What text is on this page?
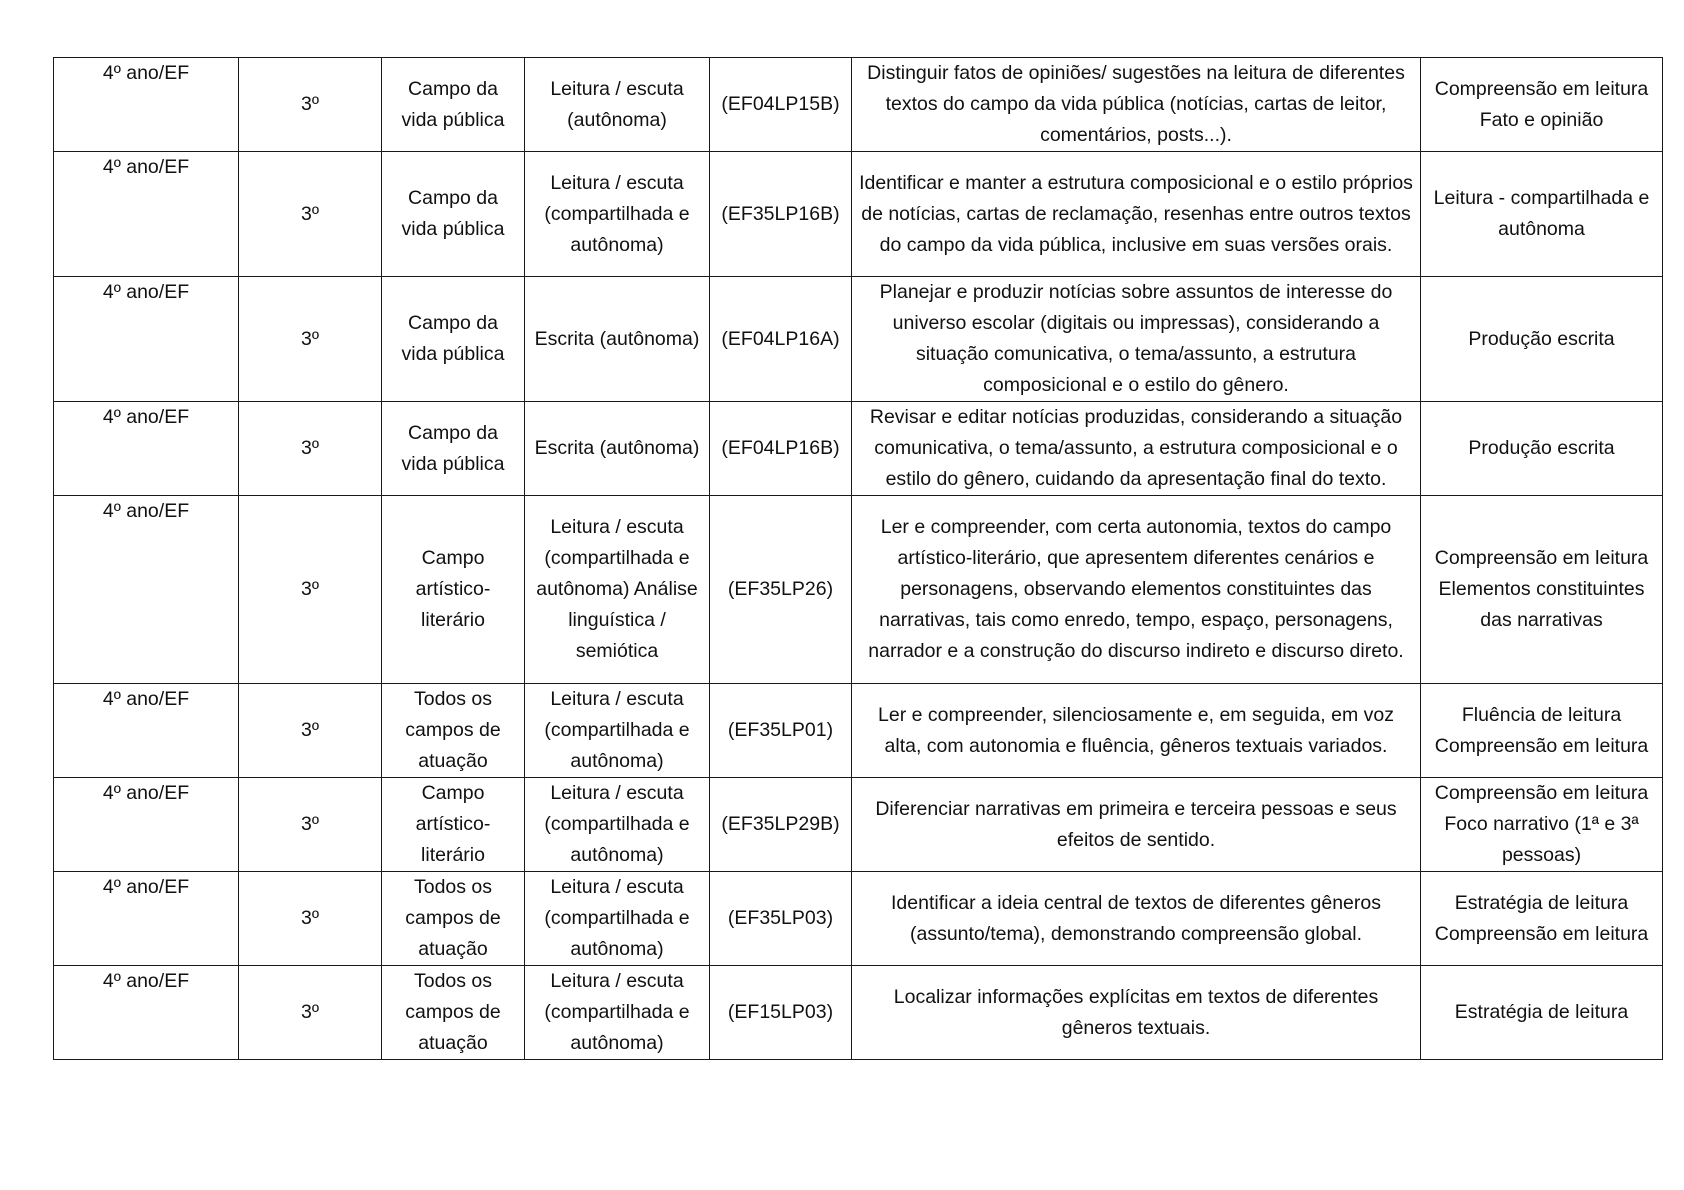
4º ano/EF	3º	Campo da vida pública	Leitura / escuta (autônoma)	(EF04LP15B)	Distinguir fatos de opiniões/ sugestões na leitura de diferentes textos do campo da vida pública (notícias, cartas de leitor, comentários, posts...).	Compreensão em leitura Fato e opinião
4º ano/EF	3º	Campo da vida pública	Leitura / escuta (compartilhada e autônoma)	(EF35LP16B)	Identificar e manter a estrutura composicional e o estilo próprios de notícias, cartas de reclamação, resenhas entre outros textos do campo da vida pública, inclusive em suas versões orais.	Leitura - compartilhada e autônoma
4º ano/EF	3º	Campo da vida pública	Escrita (autônoma)	(EF04LP16A)	Planejar e produzir notícias sobre assuntos de interesse do universo escolar (digitais ou impressas), considerando a situação comunicativa, o tema/assunto, a estrutura composicional e o estilo do gênero.	Produção escrita
4º ano/EF	3º	Campo da vida pública	Escrita (autônoma)	(EF04LP16B)	Revisar e editar notícias produzidas, considerando a situação comunicativa, o tema/assunto, a estrutura composicional e o estilo do gênero, cuidando da apresentação final do texto.	Produção escrita
4º ano/EF	3º	Campo artístico-literário	Leitura / escuta (compartilhada e autônoma) Análise linguística / semiótica	(EF35LP26)	Ler e compreender, com certa autonomia, textos do campo artístico-literário, que apresentem diferentes cenários e personagens, observando elementos constituintes das narrativas, tais como enredo, tempo, espaço, personagens, narrador e a construção do discurso indireto e discurso direto.	Compreensão em leitura Elementos constituintes das narrativas
4º ano/EF	3º	Todos os campos de atuação	Leitura / escuta (compartilhada e autônoma)	(EF35LP01)	Ler e compreender, silenciosamente e, em seguida, em voz alta, com autonomia e fluência, gêneros textuais variados.	Fluência de leitura Compreensão em leitura
4º ano/EF	3º	Campo artístico-literário	Leitura / escuta (compartilhada e autônoma)	(EF35LP29B)	Diferenciar narrativas em primeira e terceira pessoas e seus efeitos de sentido.	Compreensão em leitura Foco narrativo (1ª e 3ª pessoas)
4º ano/EF	3º	Todos os campos de atuação	Leitura / escuta (compartilhada e autônoma)	(EF35LP03)	Identificar a ideia central de textos de diferentes gêneros (assunto/tema), demonstrando compreensão global.	Estratégia de leitura Compreensão em leitura
4º ano/EF	3º	Todos os campos de atuação	Leitura / escuta (compartilhada e autônoma)	(EF15LP03)	Localizar informações explícitas em textos de diferentes gêneros textuais.	Estratégia de leitura
